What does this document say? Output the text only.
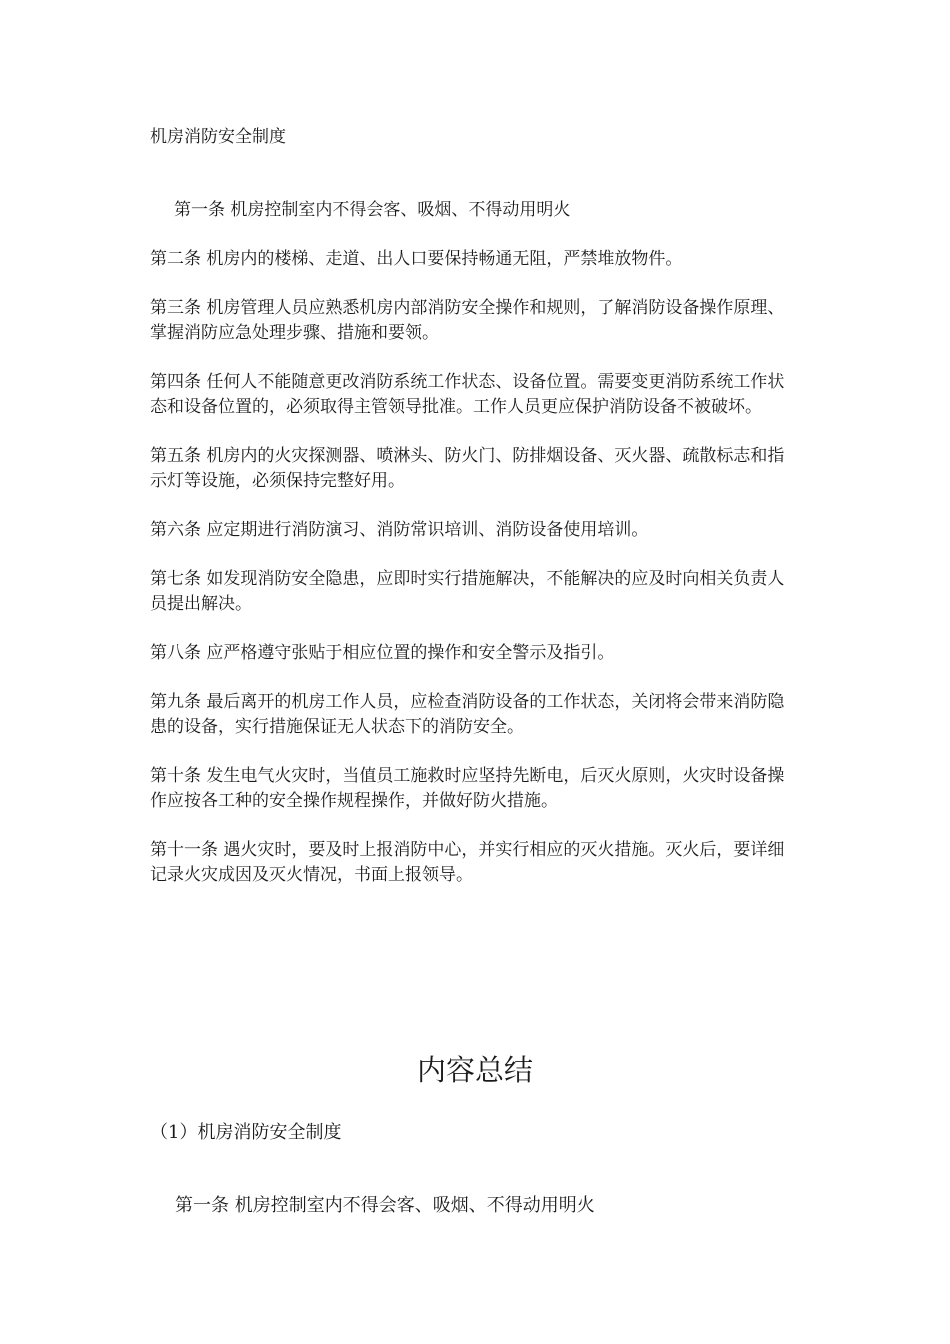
机房消防安全制度
第一条 机房控制室内不得会客、吸烟、不得动用明火
第二条 机房内的楼梯、走道、出人口要保持畅通无阻，严禁堆放物件。
第三条 机房管理人员应熟悉机房内部消防安全操作和规则，了解消防设备操作原理、掌握消防应急处理步骤、措施和要领。
第四条 任何人不能随意更改消防系统工作状态、设备位置。需要变更消防系统工作状态和设备位置的，必须取得主管领导批准。工作人员更应保护消防设备不被破坏。
第五条 机房内的火灾探测器、喷淋头、防火门、防排烟设备、灭火器、疏散标志和指示灯等设施，必须保持完整好用。
第六条 应定期进行消防演习、消防常识培训、消防设备使用培训。
第七条 如发现消防安全隐患，应即时实行措施解决，不能解决的应及时向相关负责人员提出解决。
第八条 应严格遵守张贴于相应位置的操作和安全警示及指引。
第九条 最后离开的机房工作人员，应检查消防设备的工作状态，关闭将会带来消防隐患的设备，实行措施保证无人状态下的消防安全。
第十条 发生电气火灾时，当值员工施救时应坚持先断电，后灭火原则，火灾时设备操作应按各工种的安全操作规程操作，并做好防火措施。
第十一条 遇火灾时，要及时上报消防中心，并实行相应的灭火措施。灭火后，要详细记录火灾成因及灭火情况，书面上报领导。
内容总结

（1）机房消防安全制度

第一条 机房控制室内不得会客、吸烟、不得动用明火
